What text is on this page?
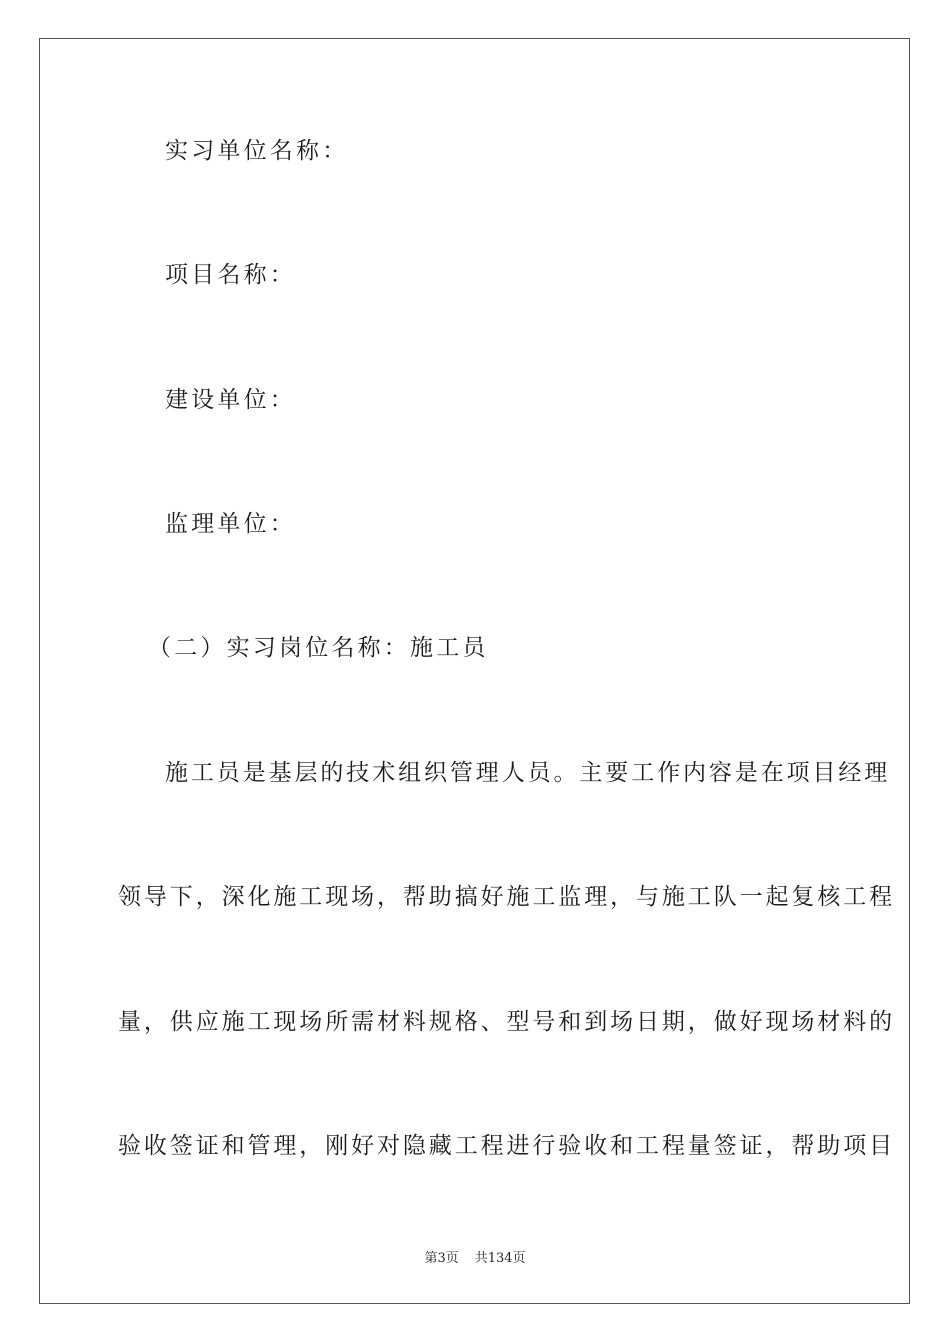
实习单位名称：
项目名称：
建设单位：
监理单位：
（二）实习岗位名称：施工员
施工员是基层的技术组织管理人员。主要工作内容是在项目经理
领导下，深化施工现场，帮助搞好施工监理，与施工队一起复核工程
量，供应施工现场所需材料规格、型号和到场日期，做好现场材料的
验收签证和管理，刚好对隐藏工程进行验收和工程量签证，帮助项目
第3页 共134页
